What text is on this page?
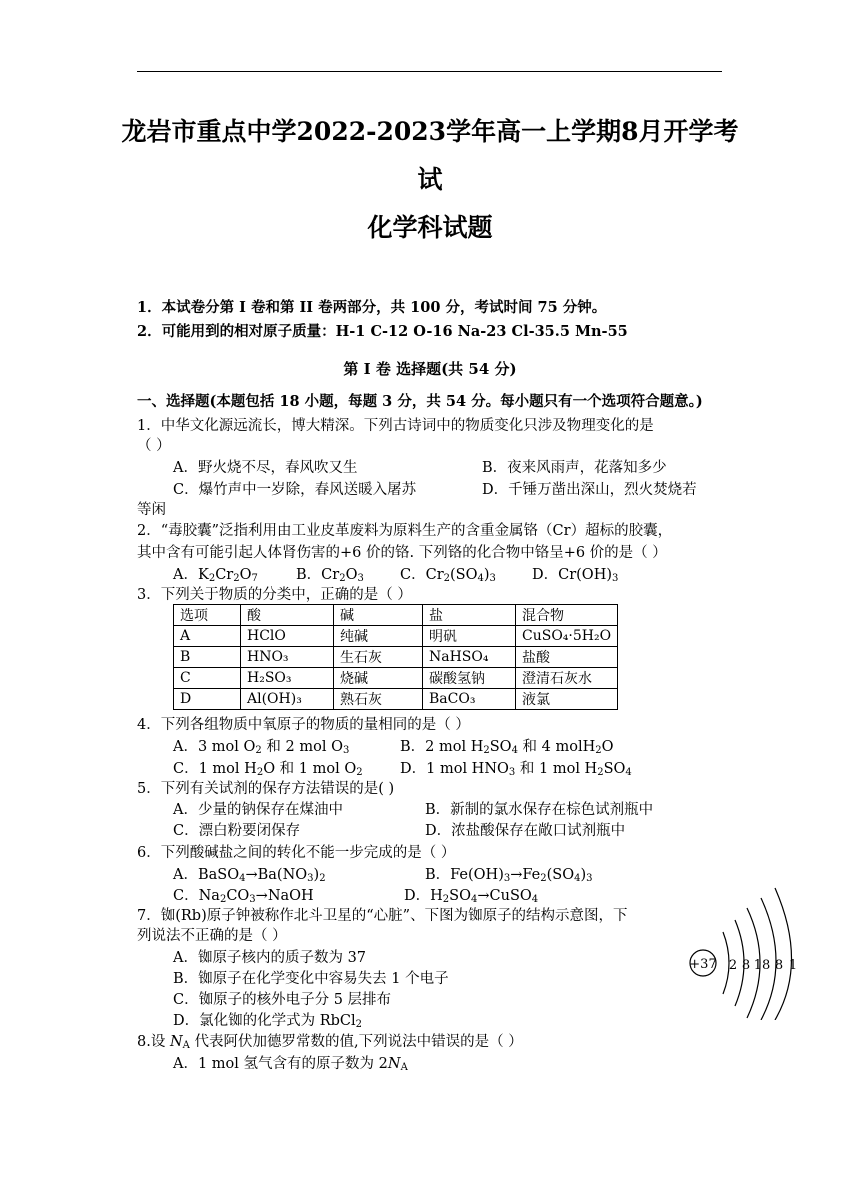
龙岩市重点中学2022-2023学年高一上学期8月开学考
试
化学科试题
1．本试卷分第 I 卷和第 II 卷两部分，共 100 分，考试时间 75 分钟。
2．可能用到的相对原子质量：H-1 C-12 O-16 Na-23 Cl-35.5 Mn-55
第 I 卷 选择题(共 54 分)
一、选择题(本题包括 18 小题，每题 3 分，共 54 分。每小题只有一个选项符合题意。)
1．中华文化源远流长，博大精深。下列古诗词中的物质变化只涉及物理变化的是
（ ）
A．野火烧不尽，春风吹又生	B．夜来风雨声，花落知多少
C．爆竹声中一岁除，春风送暖入屠苏	D．千锤万凿出深山，烈火焚烧若
等闲
2．“毒胶囊”泛指利用由工业皮革废料为原料生产的含重金属铬（Cr）超标的胶囊，
其中含有可能引起人体肾伤害的+6 价的铬. 下列铬的化合物中铬呈+6 价的是（ ）
A．$K_2Cr_2O_7$	B．$Cr_2O_3$ C．$Cr_2(SO_4)_3$ D．$Cr(OH)_3$
3．下列关于物质的分类中，正确的是（ ）
选项	酸	碱	盐	混合物
A	HClO	纯碱	明矾	CuSO₄·5H₂O
B	HNO₃	生石灰	NaHSO₄	盐酸
C	H₂SO₃	烧碱	碳酸氢钠	澄清石灰水
D	Al(OH)₃	熟石灰	BaCO₃	液氯
4．下列各组物质中氧原子的物质的量相同的是（ ）
A．3 mol $O_2$ 和 2 mol $O_3$	B．2 mol $H_2SO_4$ 和 4 molH$_2$O
C．1 mol $H_2O$ 和 1 mol $O_2$	D．1 mol $HNO_3$ 和 1 mol $H_2SO_4$
5．下列有关试剂的保存方法错误的是( )
A．少量的钠保存在煤油中	B．新制的氯水保存在棕色试剂瓶中
C．漂白粉要闭保存	D．浓盐酸保存在敞口试剂瓶中
6．下列酸碱盐之间的转化不能一步完成的是（ ）
A．$BaSO_4\to Ba(NO_3)_2$	B．$Fe(OH)_3\to Fe_2(SO_4)_3$
C．$Na_2CO_3\to NaOH$	D．$H_2SO_4\to CuSO_4$
7．铷(Rb)原子钟被称作北斗卫星的“心脏”、下图为铷原子的结构示意图，下
列说法不正确的是（ ）
A．铷原子核内的质子数为 37
B．铷原子在化学变化中容易失去 1 个电子
C．铷原子的核外电子分 5 层排布
D．氯化铷的化学式为 RbCl$_2$
+37 2 8 18 8 1
8.设 $N_A$ 代表阿伏加德罗常数的值,下列说法中错误的是（ ）
A．1 mol 氢气含有的原子数为 $2N_A$
